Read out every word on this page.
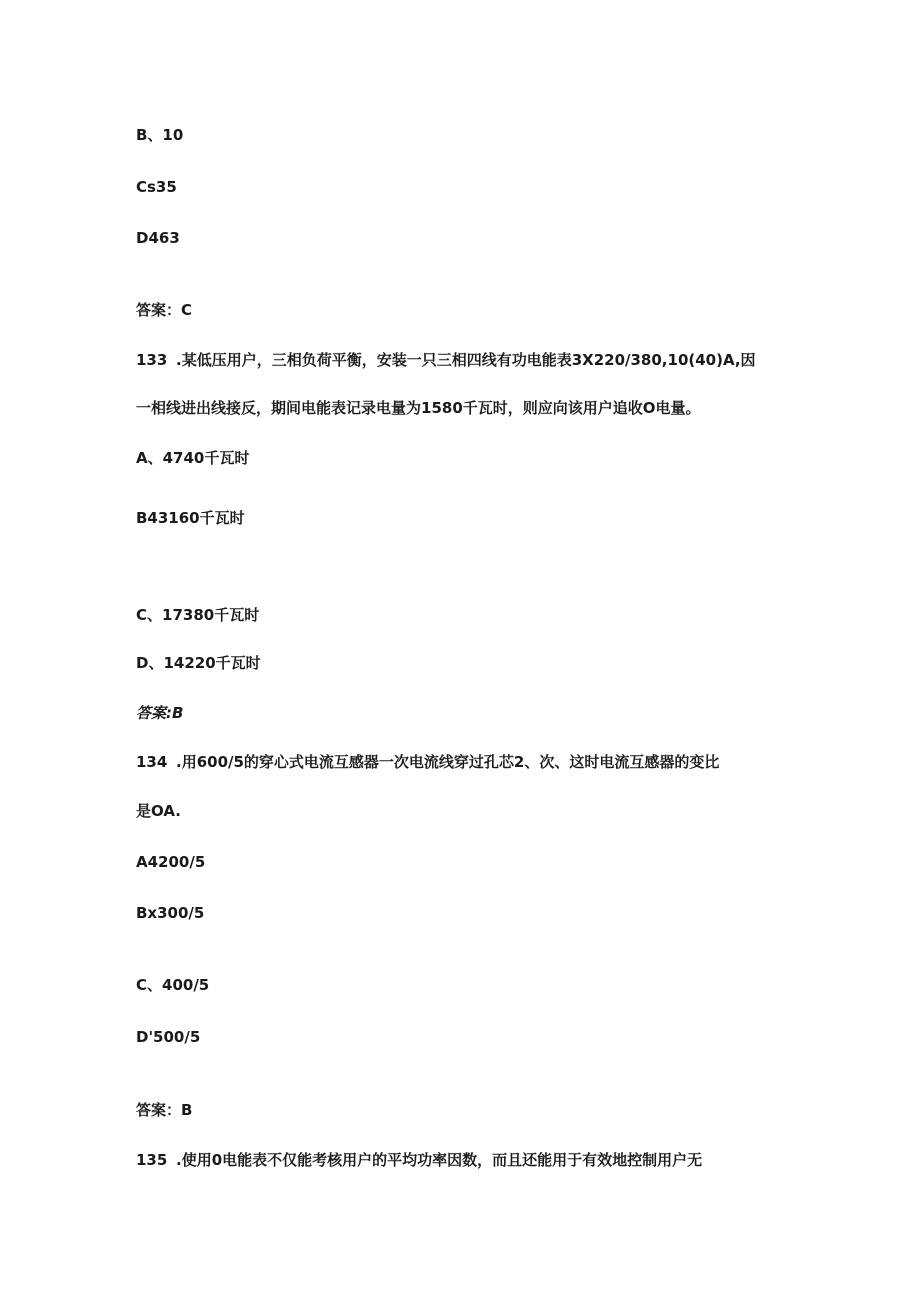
B、10
Cs35
D463
答案：C
133 .某低压用户，三相负荷平衡，安装一只三相四线有功电能表3X220/380,10(40)A,因
一相线进出线接反，期间电能表记录电量为1580千瓦时，则应向该用户追收O电量。
A、4740千瓦时
B43160千瓦时
C、17380千瓦时
D、14220千瓦时
答案:B
134 .用600/5的穿心式电流互感器一次电流线穿过孔芯2、次、这时电流互感器的变比
是OA.
A4200/5
Bx300/5
C、400/5
D'500/5
答案：B
135 .使用0电能表不仅能考核用户的平均功率因数，而且还能用于有效地控制用户无
